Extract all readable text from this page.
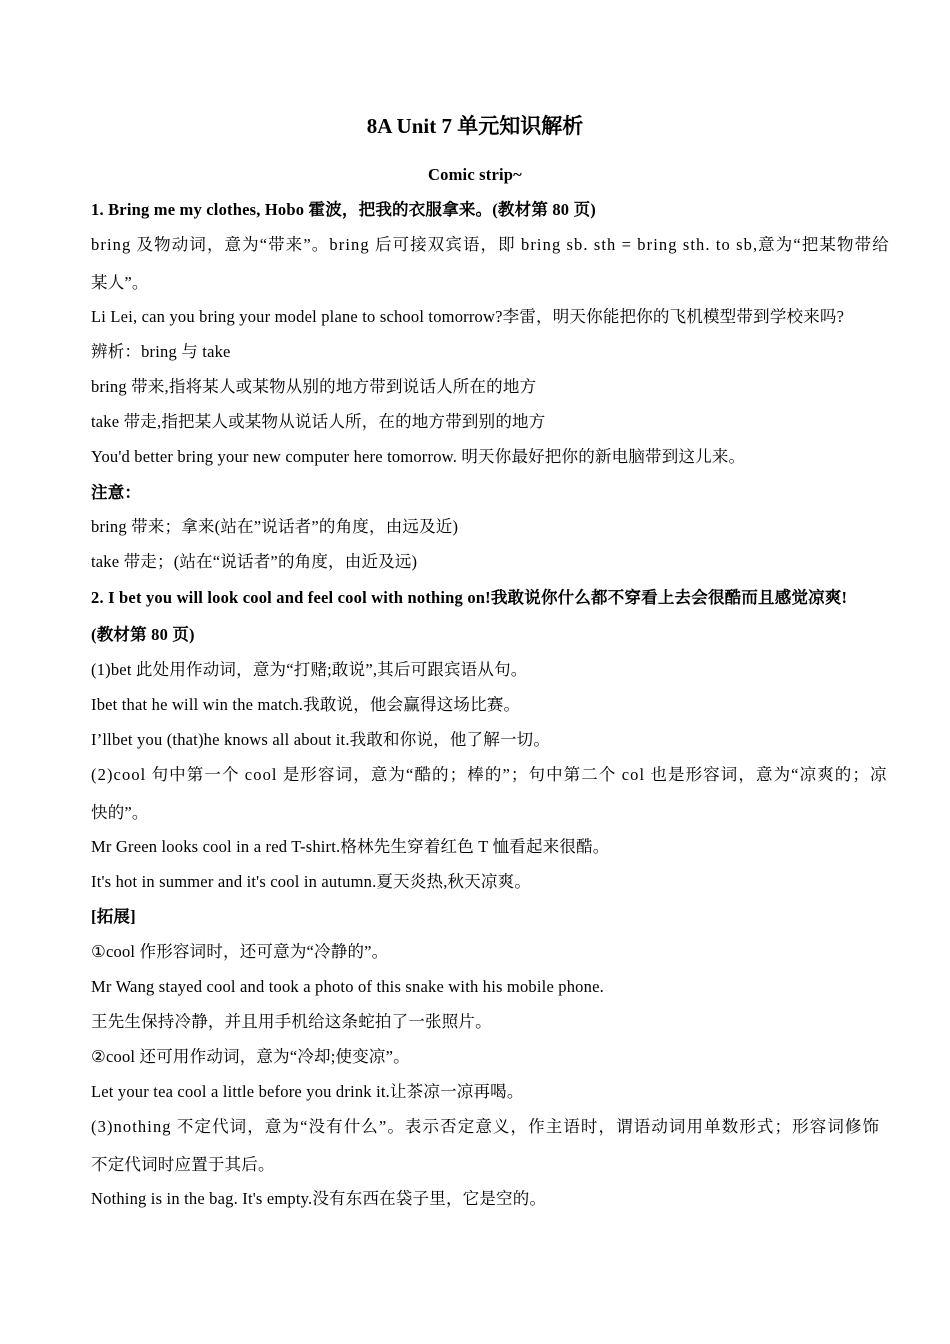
8A Unit 7 单元知识解析
Comic strip~
1. Bring me my clothes, Hobo 霍波，把我的衣服拿来。(教材第 80 页)
bring 及物动词，意为“带来”。bring 后可接双宾语，即 bring sb. sth = bring sth. to sb,意为“把某物带给
某人”。
Li Lei, can you bring your model plane to school tomorrow?李雷，明天你能把你的飞机模型带到学校来吗?
辨析：bring 与 take
bring 带来,指将某人或某物从别的地方带到说话人所在的地方
take 带走,指把某人或某物从说话人所，在的地方带到别的地方
You'd better bring your new computer here tomorrow. 明天你最好把你的新电脑带到这儿来。
注意：
bring 带来；拿来(站在”说话者”的角度，由远及近)
take 带走；(站在“说话者”的角度，由近及远)
2. I bet you will look cool and feel cool with nothing on!我敢说你什么都不穿看上去会很酷而且感觉凉爽!
(教材第 80 页)
(1)bet 此处用作动词，意为“打赌;敢说”,其后可跟宾语从句。
Ibet that he will win the match.我敢说，他会赢得这场比赛。
I’llbet you (that)he knows all about it.我敢和你说，他了解一切。
(2)cool 句中第一个 cool 是形容词，意为“酷的；棒的”；句中第二个 col 也是形容词，意为“凉爽的；凉
快的”。
Mr Green looks cool in a red T-shirt.格林先生穿着红色 T 恤看起来很酷。
It's hot in summer and it's cool in autumn.夏天炎热,秋天凉爽。
[拓展]
①cool 作形容词时，还可意为“冷静的”。
Mr Wang stayed cool and took a photo of this snake with his mobile phone.
王先生保持冷静，并且用手机给这条蛇拍了一张照片。
②cool 还可用作动词，意为“冷却;使变凉”。
Let your tea cool a little before you drink it.让茶凉一凉再喝。
(3)nothing 不定代词，意为“没有什么”。表示否定意义，作主语时，谓语动词用单数形式；形容词修饰
不定代词时应置于其后。
Nothing is in the bag. It's empty.没有东西在袋子里，它是空的。
